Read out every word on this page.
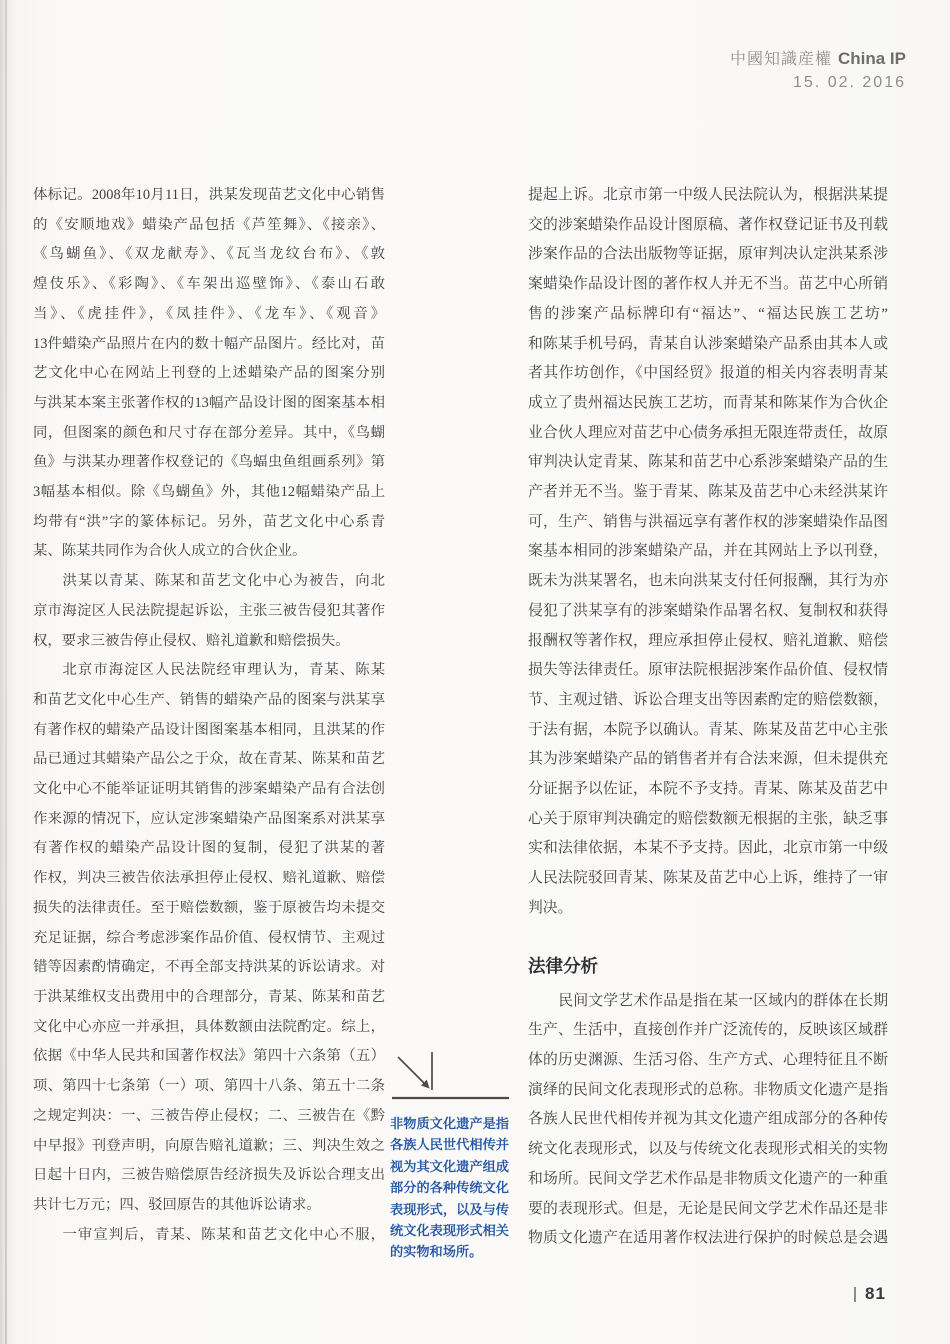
中國知識産權 China IP
15. 02. 2016
体标记。2008年10月11日，洪某发现苗艺文化中心销售
的《安顺地戏》蜡染产品包括《芦笙舞》、《接亲》、
《鸟蝴鱼》、《双龙献寿》、《瓦当龙纹台布》、《敦
煌伎乐》、《彩陶》、《车架出巡壁饰》、《泰山石敢
当》、《虎挂件》，《凤挂件》、《龙车》、《观音》
13件蜡染产品照片在内的数十幅产品图片。经比对，苗
艺文化中心在网站上刊登的上述蜡染产品的图案分别
与洪某本案主张著作权的13幅产品设计图的图案基本相
同，但图案的颜色和尺寸存在部分差异。其中，《鸟蝴
鱼》与洪某办理著作权登记的《鸟蝠虫鱼组画系列》第
3幅基本相似。除《鸟蝴鱼》外，其他12幅蜡染产品上
均带有“洪”字的篆体标记。另外，苗艺文化中心系青
某、陈某共同作为合伙人成立的合伙企业。
洪某以青某、陈某和苗艺文化中心为被告，向北
京市海淀区人民法院提起诉讼，主张三被告侵犯其著作
权，要求三被告停止侵权、赔礼道歉和赔偿损失。
北京市海淀区人民法院经审理认为，青某、陈某
和苗艺文化中心生产、销售的蜡染产品的图案与洪某享
有著作权的蜡染产品设计图图案基本相同，且洪某的作
品已通过其蜡染产品公之于众，故在青某、陈某和苗艺
文化中心不能举证证明其销售的涉案蜡染产品有合法创
作来源的情况下，应认定涉案蜡染产品图案系对洪某享
有著作权的蜡染产品设计图的复制，侵犯了洪某的著
作权，判决三被告依法承担停止侵权、赔礼道歉、赔偿
损失的法律责任。至于赔偿数额，鉴于原被告均未提交
充足证据，综合考虑涉案作品价值、侵权情节、主观过
错等因素酌情确定，不再全部支持洪某的诉讼请求。对
于洪某维权支出费用中的合理部分，青某、陈某和苗艺
文化中心亦应一并承担，具体数额由法院酌定。综上，
依据《中华人民共和国著作权法》第四十六条第（五）
项、第四十七条第（一）项、第四十八条、第五十二条
之规定判决：一、三被告停止侵权；二、三被告在《黔
中早报》刊登声明，向原告赔礼道歉；三、判决生效之
日起十日内，三被告赔偿原告经济损失及诉讼合理支出
共计七万元；四、驳回原告的其他诉讼请求。
一审宣判后，青某、陈某和苗艺文化中心不服，
提起上诉。北京市第一中级人民法院认为，根据洪某提
交的涉案蜡染作品设计图原稿、著作权登记证书及刊载
涉案作品的合法出版物等证据，原审判决认定洪某系涉
案蜡染作品设计图的著作权人并无不当。苗艺中心所销
售的涉案产品标牌印有“福达”、“福达民族工艺坊”
和陈某手机号码，青某自认涉案蜡染产品系由其本人或
者其作坊创作，《中国经贸》报道的相关内容表明青某
成立了贵州福达民族工艺坊，而青某和陈某作为合伙企
业合伙人理应对苗艺中心债务承担无限连带责任，故原
审判决认定青某、陈某和苗艺中心系涉案蜡染产品的生
产者并无不当。鉴于青某、陈某及苗艺中心未经洪某许
可，生产、销售与洪福远享有著作权的涉案蜡染作品图
案基本相同的涉案蜡染产品，并在其网站上予以刊登，
既未为洪某署名，也未向洪某支付任何报酬，其行为亦
侵犯了洪某享有的涉案蜡染作品署名权、复制权和获得
报酬权等著作权，理应承担停止侵权、赔礼道歉、赔偿
损失等法律责任。原审法院根据涉案作品价值、侵权情
节、主观过错、诉讼合理支出等因素酌定的赔偿数额，
于法有据，本院予以确认。青某、陈某及苗艺中心主张
其为涉案蜡染产品的销售者并有合法来源，但未提供充
分证据予以佐证，本院不予支持。青某、陈某及苗艺中
心关于原审判决确定的赔偿数额无根据的主张，缺乏事
实和法律依据，本某不予支持。因此，北京市第一中级
人民法院驳回青某、陈某及苗艺中心上诉，维持了一审
判决。
法律分析
民间文学艺术作品是指在某一区域内的群体在长期
生产、生活中，直接创作并广泛流传的，反映该区域群
体的历史渊源、生活习俗、生产方式、心理特征且不断
演绎的民间文化表现形式的总称。非物质文化遗产是指
各族人民世代相传并视为其文化遗产组成部分的各种传
统文化表现形式，以及与传统文化表现形式相关的实物
和场所。民间文学艺术作品是非物质文化遗产的一种重
要的表现形式。但是，无论是民间文学艺术作品还是非
物质文化遗产在适用著作权法进行保护的时候总是会遇
非物质文化遗产是指
各族人民世代相传并
视为其文化遗产组成
部分的各种传统文化
表现形式，以及与传
统文化表现形式相关
的实物和场所。
81
